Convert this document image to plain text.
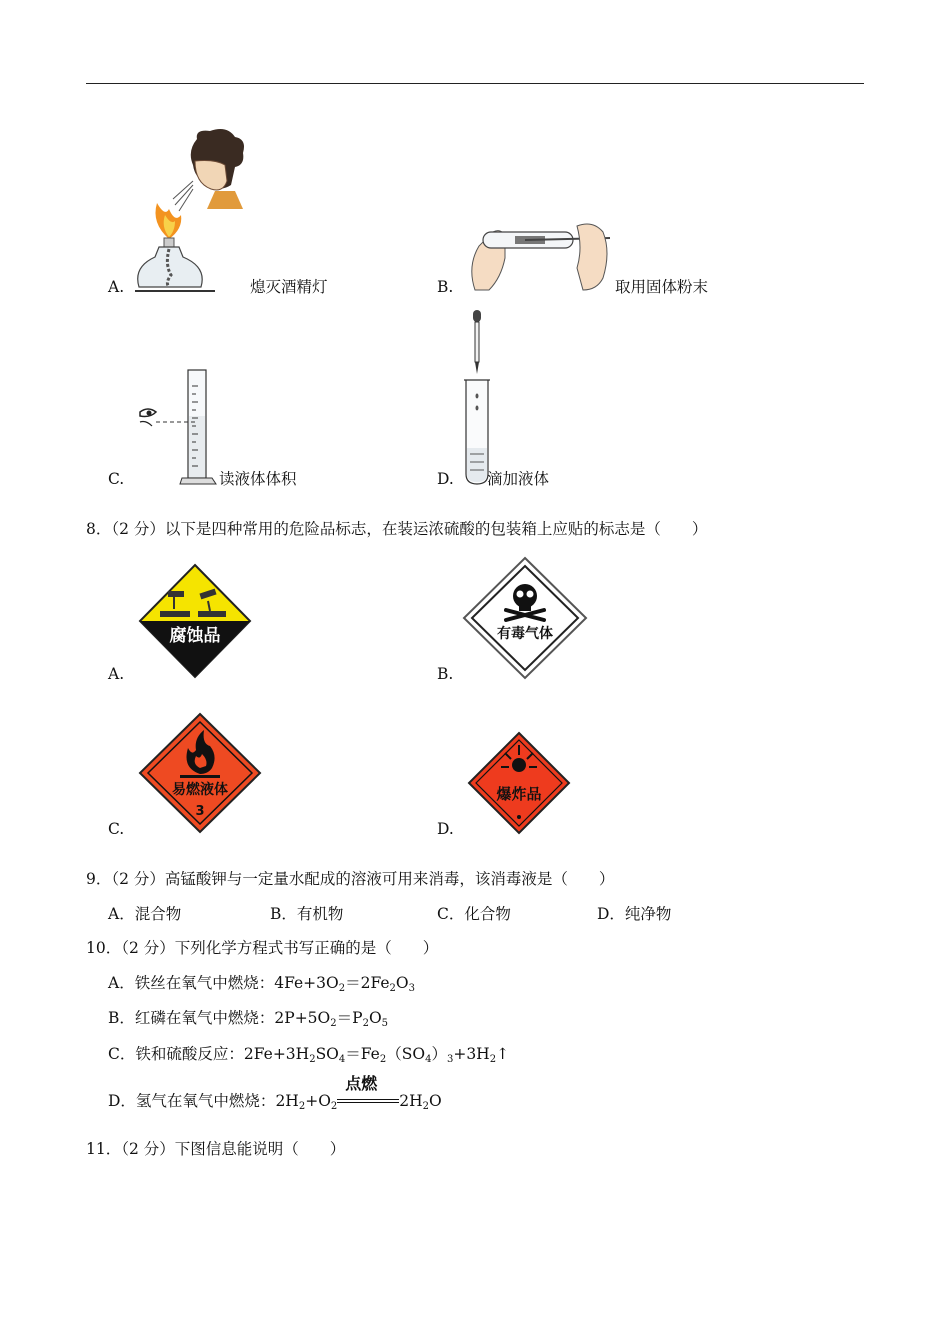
A.	熄灭酒精灯	B.	取用固体粉末
C.	读液体体积	D. 滴加液体
8．（2 分）以下是四种常用的危险品标志，在装运浓硫酸的包装箱上应贴的标志是（　　）
腐蚀品
A.
有毒气体
B.
易燃液体
3
C.
爆炸品
D.
9．（2 分）高锰酸钾与一定量水配成的溶液可用来消毒，该消毒液是（　　）
A．混合物	B．有机物	C．化合物	D．纯净物
10．（2 分）下列化学方程式书写正确的是（　　）
A．铁丝在氧气中燃烧：$4Fe+3O_2=2Fe_2O_3$
B．红磷在氧气中燃烧：$2P+5O_2=P_2O_5$
C．铁和硫酸反应：$2Fe+3H_2SO_4=Fe_2(SO_4)_3+3H_2↑$
D．氢气在氧气中燃烧：$2H_2+O_2$
点燃
$2H_2O$
11．（2 分）下图信息能说明（　　）
